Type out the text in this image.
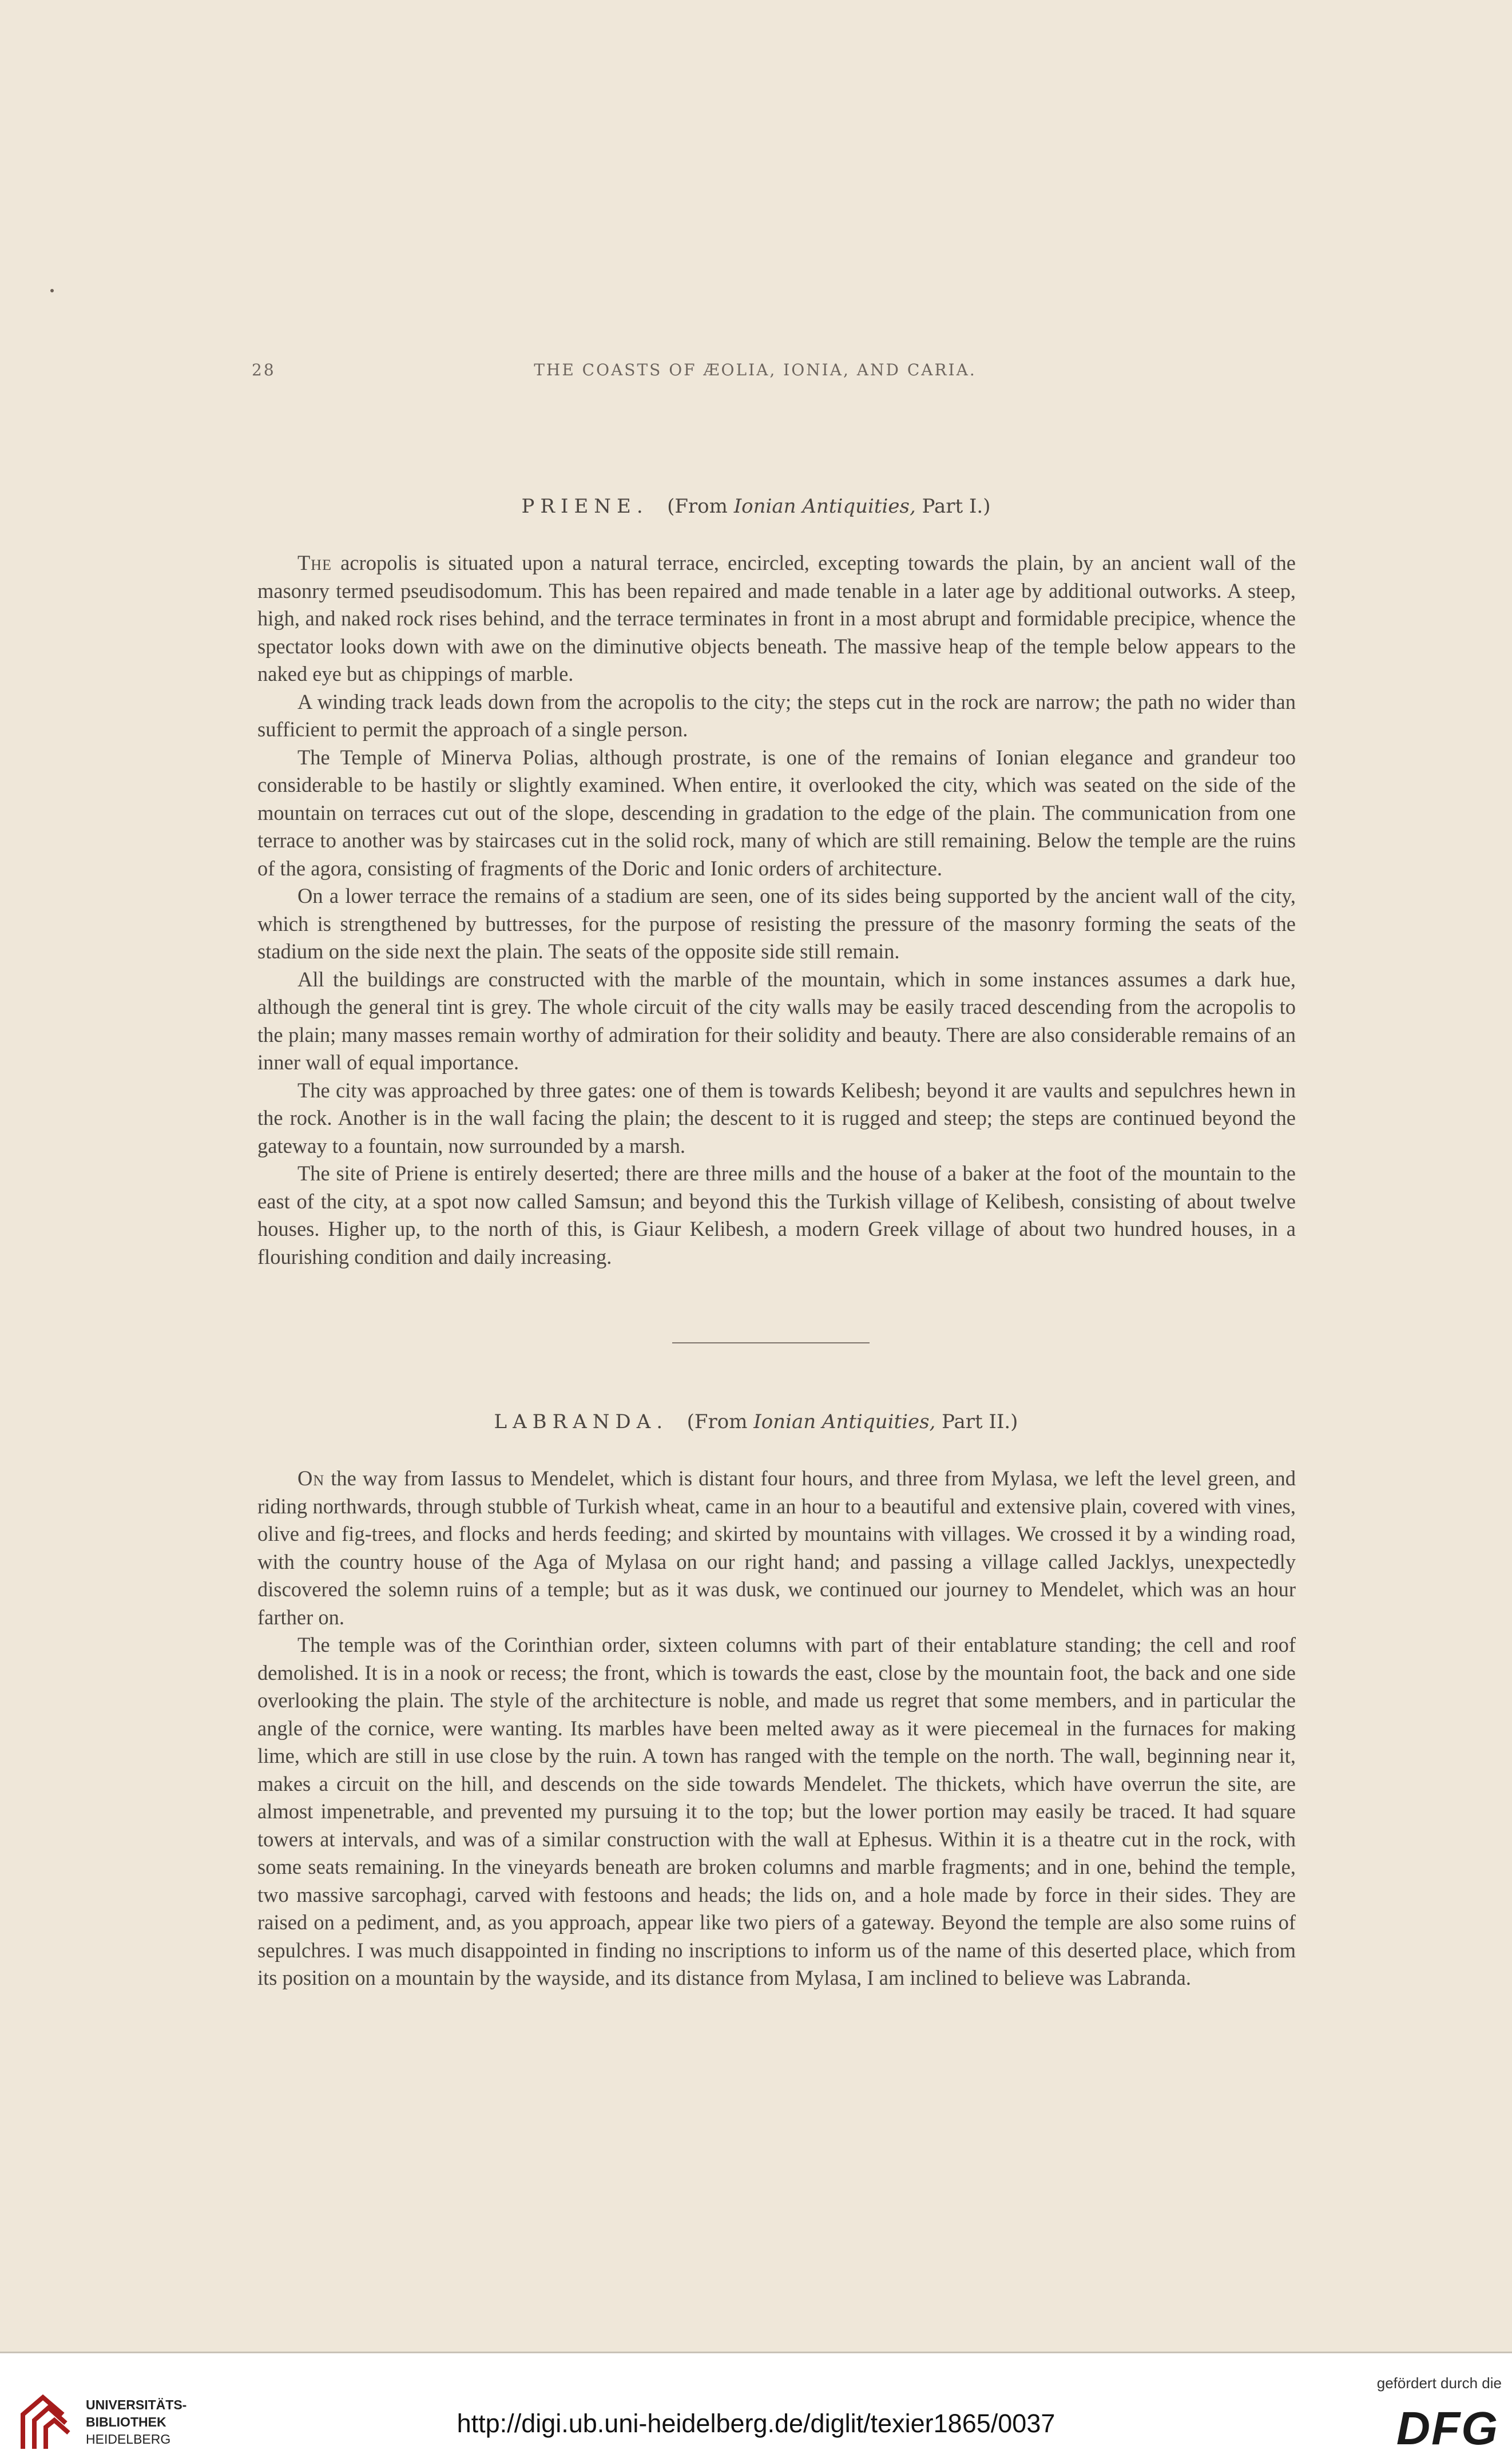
28	THE COASTS OF ÆOLIA, IONIA, AND CARIA.
PRIENE. (From Ionian Antiquities, Part I.)

The acropolis is situated upon a natural terrace, encircled, excepting towards the plain, by an ancient wall of the masonry termed pseudisodomum. This has been repaired and made tenable in a later age by additional outworks. A steep, high, and naked rock rises behind, and the terrace terminates in front in a most abrupt and formidable precipice, whence the spectator looks down with awe on the diminutive objects beneath. The massive heap of the temple below appears to the naked eye but as chippings of marble.

A winding track leads down from the acropolis to the city; the steps cut in the rock are narrow; the path no wider than sufficient to permit the approach of a single person.

The Temple of Minerva Polias, although prostrate, is one of the remains of Ionian elegance and grandeur too considerable to be hastily or slightly examined. When entire, it overlooked the city, which was seated on the side of the mountain on terraces cut out of the slope, descending in gradation to the edge of the plain. The communication from one terrace to another was by staircases cut in the solid rock, many of which are still remaining. Below the temple are the ruins of the agora, consisting of fragments of the Doric and Ionic orders of architecture.

On a lower terrace the remains of a stadium are seen, one of its sides being supported by the ancient wall of the city, which is strengthened by buttresses, for the purpose of resisting the pressure of the masonry forming the seats of the stadium on the side next the plain. The seats of the opposite side still remain.

All the buildings are constructed with the marble of the mountain, which in some instances assumes a dark hue, although the general tint is grey. The whole circuit of the city walls may be easily traced descending from the acropolis to the plain; many masses remain worthy of admiration for their solidity and beauty. There are also considerable remains of an inner wall of equal importance.

The city was approached by three gates: one of them is towards Kelibesh; beyond it are vaults and sepulchres hewn in the rock. Another is in the wall facing the plain; the descent to it is rugged and steep; the steps are continued beyond the gateway to a fountain, now surrounded by a marsh.

The site of Priene is entirely deserted; there are three mills and the house of a baker at the foot of the mountain to the east of the city, at a spot now called Samsun; and beyond this the Turkish village of Kelibesh, consisting of about twelve houses. Higher up, to the north of this, is Giaur Kelibesh, a modern Greek village of about two hundred houses, in a flourishing condition and daily increasing.

LABRANDA. (From Ionian Antiquities, Part II.)

On the way from Iassus to Mendelet, which is distant four hours, and three from Mylasa, we left the level green, and riding northwards, through stubble of Turkish wheat, came in an hour to a beautiful and extensive plain, covered with vines, olive and fig-trees, and flocks and herds feeding; and skirted by mountains with villages. We crossed it by a winding road, with the country house of the Aga of Mylasa on our right hand; and passing a village called Jacklys, unexpectedly discovered the solemn ruins of a temple; but as it was dusk, we continued our journey to Mendelet, which was an hour farther on.

The temple was of the Corinthian order, sixteen columns with part of their entablature standing; the cell and roof demolished. It is in a nook or recess; the front, which is towards the east, close by the mountain foot, the back and one side overlooking the plain. The style of the architecture is noble, and made us regret that some members, and in particular the angle of the cornice, were wanting. Its marbles have been melted away as it were piecemeal in the furnaces for making lime, which are still in use close by the ruin. A town has ranged with the temple on the north. The wall, beginning near it, makes a circuit on the hill, and descends on the side towards Mendelet. The thickets, which have overrun the site, are almost impenetrable, and prevented my pursuing it to the top; but the lower portion may easily be traced. It had square towers at intervals, and was of a similar construction with the wall at Ephesus. Within it is a theatre cut in the rock, with some seats remaining. In the vineyards beneath are broken columns and marble fragments; and in one, behind the temple, two massive sarcophagi, carved with festoons and heads; the lids on, and a hole made by force in their sides. They are raised on a pediment, and, as you approach, appear like two piers of a gateway. Beyond the temple are also some ruins of sepulchres. I was much disappointed in finding no inscriptions to inform us of the name of this deserted place, which from its position on a mountain by the wayside, and its distance from Mylasa, I am inclined to believe was Labranda.

UNIVERSITÄTS-
BIBLIOTHEK
HEIDELBERG
http://digi.ub.uni-heidelberg.de/diglit/texier1865/0037
gefördert durch die
DFG
